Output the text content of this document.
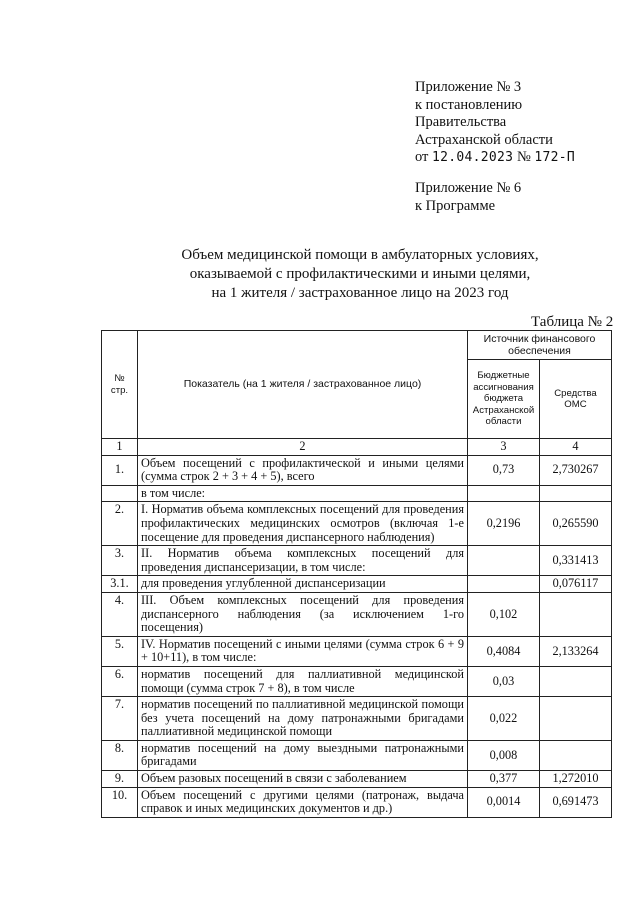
Приложение № 3
к постановлению
Правительства
Астраханской области
от 12.04.2023 № 172-П
Приложение № 6
к Программе
Объем медицинской помощи в амбулаторных условиях,
оказываемой с профилактическими и иными целями,
на 1 жителя / застрахованное лицо на 2023 год
Таблица № 2
№ стр.	Показатель (на 1 жителя / застрахованное лицо)	Источник финансового обеспечения	
		Бюджетные ассигнования бюджета Астраханской области	Средства ОМС
1	2	3	4
1.	Объем посещений с профилактической и иными целями (сумма строк 2 + 3 + 4 + 5), всего	0,73	2,730267
	в том числе:		
2.	I. Норматив объема комплексных посещений для проведения профилактических медицинских осмотров (включая 1-е посещение для проведения диспансерного наблюдения)	0,2196	0,265590
3.	II. Норматив объема комплексных посещений для проведения диспансеризации, в том числе:		0,331413
3.1.	для проведения углубленной диспансеризации		0,076117
4.	III. Объем комплексных посещений для проведения диспансерного наблюдения (за исключением 1-го посещения)	0,102	
5.	IV. Норматив посещений с иными целями (сумма строк 6 + 9 + 10+11), в том числе:	0,4084	2,133264
6.	норматив посещений для паллиативной медицинской помощи (сумма строк 7 + 8), в том числе	0,03	
7.	норматив посещений по паллиативной медицинской помощи без учета посещений на дому патронажными бригадами паллиативной медицинской помощи	0,022	
8.	норматив посещений на дому выездными патронажными бригадами	0,008	
9.	Объем разовых посещений в связи с заболеванием	0,377	1,272010
10.	Объем посещений с другими целями (патронаж, выдача справок и иных медицинских документов и др.)	0,0014	0,691473
